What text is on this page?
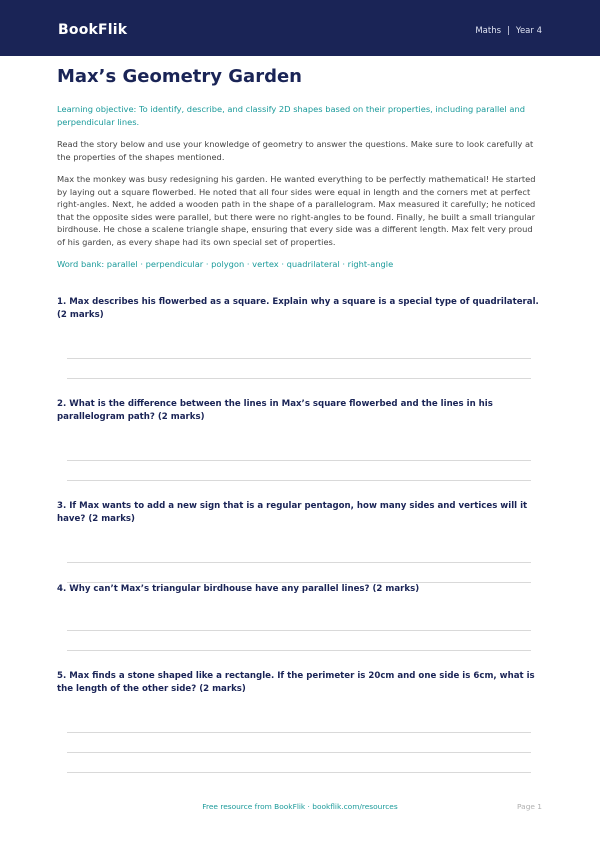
BookFlik	Maths | Year 4
Max’s Geometry Garden
Learning objective: To identify, describe, and classify 2D shapes based on their properties, including parallel and perpendicular lines.
Read the story below and use your knowledge of geometry to answer the questions. Make sure to look carefully at the properties of the shapes mentioned.
Max the monkey was busy redesigning his garden. He wanted everything to be perfectly mathematical! He started by laying out a square flowerbed. He noted that all four sides were equal in length and the corners met at perfect right-angles. Next, he added a wooden path in the shape of a parallelogram. Max measured it carefully; he noticed that the opposite sides were parallel, but there were no right-angles to be found. Finally, he built a small triangular birdhouse. He chose a scalene triangle shape, ensuring that every side was a different length. Max felt very proud of his garden, as every shape had its own special set of properties.
Word bank: parallel · perpendicular · polygon · vertex · quadrilateral · right-angle
1. Max describes his flowerbed as a square. Explain why a square is a special type of quadrilateral. (2 marks)
2. What is the difference between the lines in Max’s square flowerbed and the lines in his parallelogram path? (2 marks)
3. If Max wants to add a new sign that is a regular pentagon, how many sides and vertices will it have? (2 marks)
4. Why can’t Max’s triangular birdhouse have any parallel lines? (2 marks)
5. Max finds a stone shaped like a rectangle. If the perimeter is 20cm and one side is 6cm, what is the length of the other side? (2 marks)
Free resource from BookFlik · bookflik.com/resources	Page 1
